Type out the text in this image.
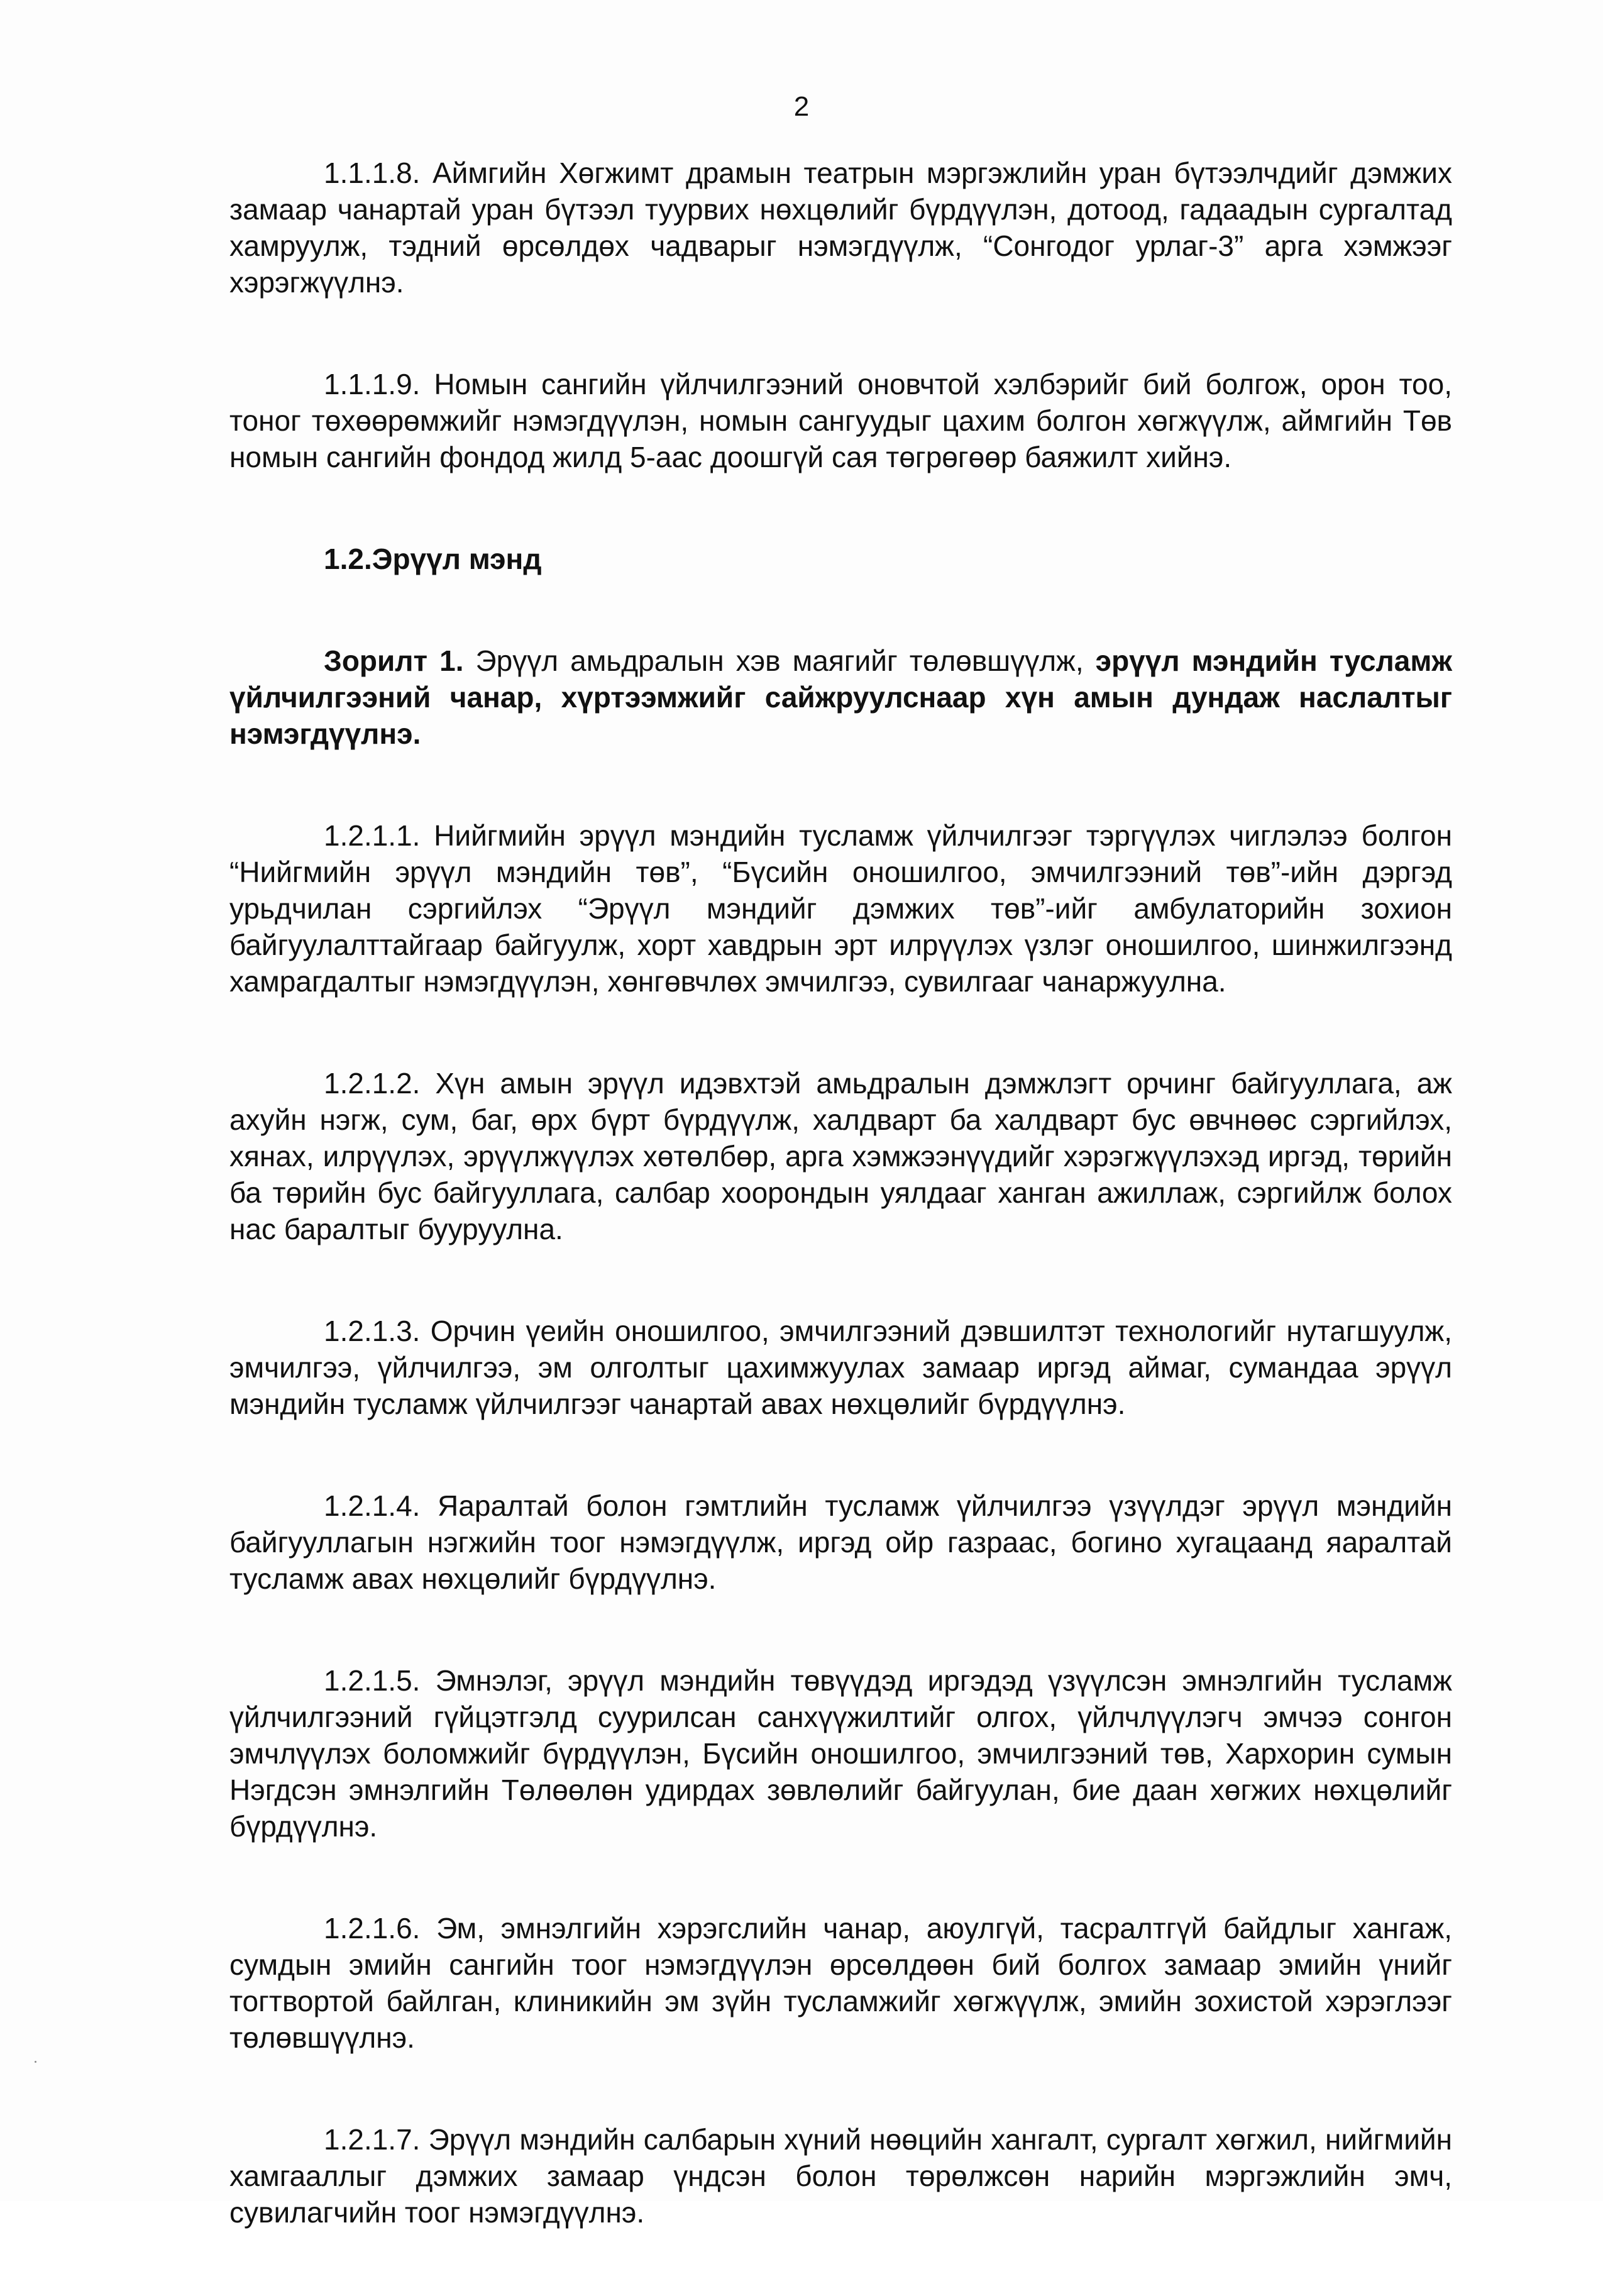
2

1.1.1.8. Аймгийн Хөгжимт драмын театрын мэргэжлийн уран бүтээлчдийг дэмжих замаар чанартай уран бүтээл туурвих нөхцөлийг бүрдүүлэн, дотоод, гадаадын сургалтад хамруулж, тэдний өрсөлдөх чадварыг нэмэгдүүлж, “Сонгодог урлаг-3” арга хэмжээг хэрэгжүүлнэ.

1.1.1.9. Номын сангийн үйлчилгээний оновчтой хэлбэрийг бий болгож, орон тоо, тоног төхөөрөмжийг нэмэгдүүлэн, номын сангуудыг цахим болгон хөгжүүлж, аймгийн Төв номын сангийн фондод жилд 5-аас доошгүй сая төгрөгөөр баяжилт хийнэ.

1.2.Эрүүл мэнд

Зорилт 1. Эрүүл амьдралын хэв маягийг төлөвшүүлж, эрүүл мэндийн тусламж үйлчилгээний чанар, хүртээмжийг сайжруулснаар хүн амын дундаж наслалтыг нэмэгдүүлнэ.

1.2.1.1. Нийгмийн эрүүл мэндийн тусламж үйлчилгээг тэргүүлэх чиглэлээ болгон “Нийгмийн эрүүл мэндийн төв”, “Бүсийн оношилгоо, эмчилгээний төв”-ийн дэргэд урьдчилан сэргийлэх “Эрүүл мэндийг дэмжих төв”-ийг амбулаторийн зохион байгуулалттайгаар байгуулж, хорт хавдрын эрт илрүүлэх үзлэг оношилгоо, шинжилгээнд хамрагдалтыг нэмэгдүүлэн, хөнгөвчлөх эмчилгээ, сувилгааг чанаржуулна.

1.2.1.2. Хүн амын эрүүл идэвхтэй амьдралын дэмжлэгт орчинг байгууллага, аж ахуйн нэгж, сум, баг, өрх бүрт бүрдүүлж, халдварт ба халдварт бус өвчнөөс сэргийлэх, хянах, илрүүлэх, эрүүлжүүлэх хөтөлбөр, арга хэмжээнүүдийг хэрэгжүүлэхэд иргэд, төрийн ба төрийн бус байгууллага, салбар хоорондын уялдааг ханган ажиллаж, сэргийлж болох нас баралтыг бууруулна.

1.2.1.3. Орчин үеийн оношилгоо, эмчилгээний дэвшилтэт технологийг нутагшуулж, эмчилгээ, үйлчилгээ, эм олголтыг цахимжуулах замаар иргэд аймаг, сумандаа эрүүл мэндийн тусламж үйлчилгээг чанартай авах нөхцөлийг бүрдүүлнэ.

1.2.1.4. Яаралтай болон гэмтлийн тусламж үйлчилгээ үзүүлдэг эрүүл мэндийн байгууллагын нэгжийн тоог нэмэгдүүлж, иргэд ойр газраас, богино хугацаанд яаралтай тусламж авах нөхцөлийг бүрдүүлнэ.

1.2.1.5. Эмнэлэг, эрүүл мэндийн төвүүдэд иргэдэд үзүүлсэн эмнэлгийн тусламж үйлчилгээний гүйцэтгэлд суурилсан санхүүжилтийг олгох, үйлчлүүлэгч эмчээ сонгон эмчлүүлэх боломжийг бүрдүүлэн, Бүсийн оношилгоо, эмчилгээний төв, Хархорин сумын Нэгдсэн эмнэлгийн Төлөөлөн удирдах зөвлөлийг байгуулан, бие даан хөгжих нөхцөлийг бүрдүүлнэ.

1.2.1.6. Эм, эмнэлгийн хэрэгслийн чанар, аюулгүй, тасралтгүй байдлыг хангаж, сумдын эмийн сангийн тоог нэмэгдүүлэн өрсөлдөөн бий болгох замаар эмийн үнийг тогтвортой байлган, клиникийн эм зүйн тусламжийг хөгжүүлж, эмийн зохистой хэрэглээг төлөвшүүлнэ.

1.2.1.7. Эрүүл мэндийн салбарын хүний нөөцийн хангалт, сургалт хөгжил, нийгмийн хамгааллыг дэмжих замаар үндсэн болон төрөлжсөн нарийн мэргэжлийн эмч, сувилагчийн тоог нэмэгдүүлнэ.
